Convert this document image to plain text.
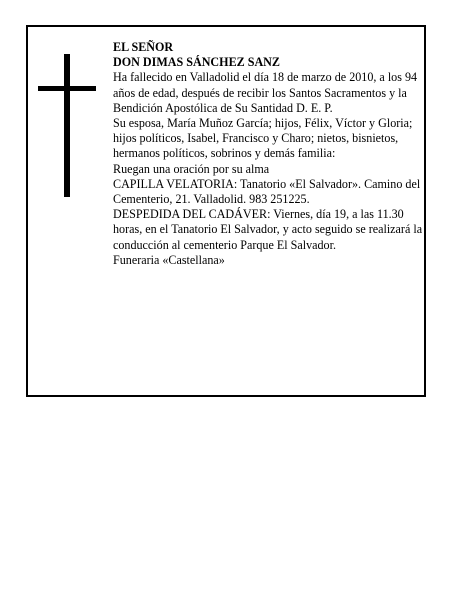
EL SEÑOR

DON DIMAS SÁNCHEZ SANZ

Ha fallecido en Valladolid el día 18 de marzo de 2010, a los 94 años de edad, después de recibir los Santos Sacramentos y la Bendición Apostólica de Su Santidad D. E. P.

Su esposa, María Muñoz García; hijos, Félix, Víctor y Gloria; hijos políticos, Isabel, Francisco y Charo; nietos, bisnietos, hermanos políticos, sobrinos y demás familia:

Ruegan una oración por su alma

CAPILLA VELATORIA: Tanatorio «El Salvador». Camino del Cementerio, 21. Valladolid. 983 251225.

DESPEDIDA DEL CADÁVER: Viernes, día 19, a las 11.30 horas, en el Tanatorio El Salvador, y acto seguido se realizará la conducción al cementerio Parque El Salvador.

Funeraria «Castellana»
